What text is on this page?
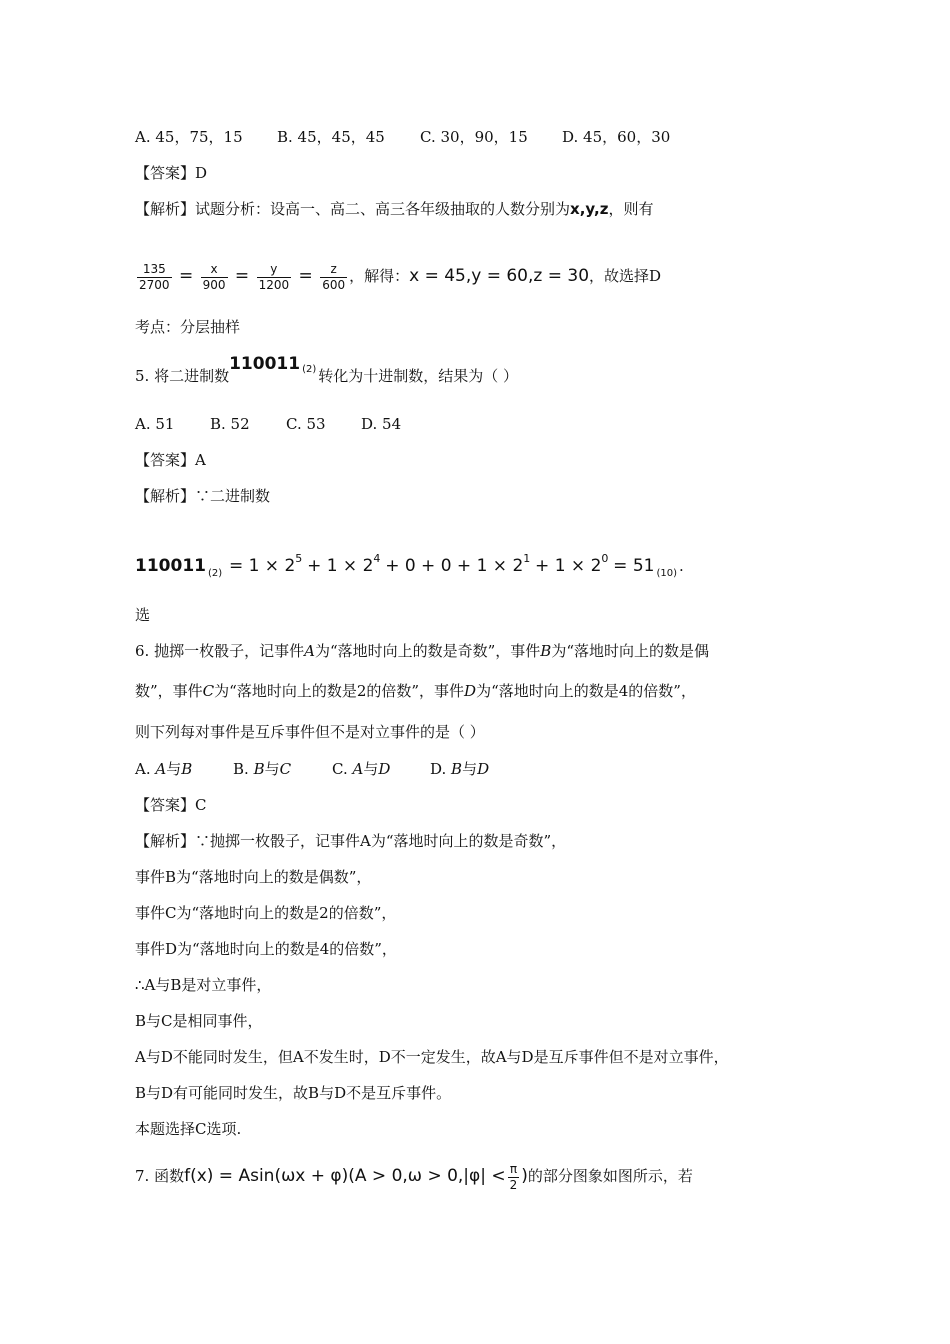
A. 45，75，15 B. 45，45，45 C. 30，90，15 D. 45，60，30
【答案】D
【解析】试题分析：设高一、高二、高三各年级抽取的人数分别为x,y,z，则有
$\frac{135}{2700} = \frac{x}{900} = \frac{y}{1200} = \frac{z}{600}$ ，解得：x = 45,y = 60,z = 30，故选择D
考点：分层抽样
5. 将二进制数110011 $^{(2)}$ 转化为十进制数，结果为（ ）
A. 51 B. 52 C. 53 D. 54
【答案】A
【解析】∵二进制数
110011 $_{(2)} = 1 \times 2^5 + 1 \times 2^4 + 0 + 0 + 1 \times 2^1 + 1 \times 2^0 = 51$ $_{(10)}$ .
选
6. 抛掷一枚骰子，记事件A为“落地时向上的数是奇数”，事件B为“落地时向上的数是偶
数”，事件C为“落地时向上的数是2的倍数”，事件D为“落地时向上的数是4的倍数”，
则下列每对事件是互斥事件但不是对立事件的是（ ）
A. A与B	B. B与C	C. A与D	D. B与D
【答案】C
【解析】∵抛掷一枚骰子，记事件A为“落地时向上的数是奇数”，
事件B为“落地时向上的数是偶数”，
事件C为“落地时向上的数是2的倍数”，
事件D为“落地时向上的数是4的倍数”，
∴A与B是对立事件，
B与C是相同事件，
A与D不能同时发生，但A不发生时，D不一定发生，故A与D是互斥事件但不是对立事件，
B与D有可能同时发生，故B与D不是互斥事件。
本题选择C选项.
7. 函数$f(x) = Asin(\omega x + \varphi)(A > 0,\omega > 0,|\varphi| < \frac{\pi}{2}$ )的部分图象如图所示，若
